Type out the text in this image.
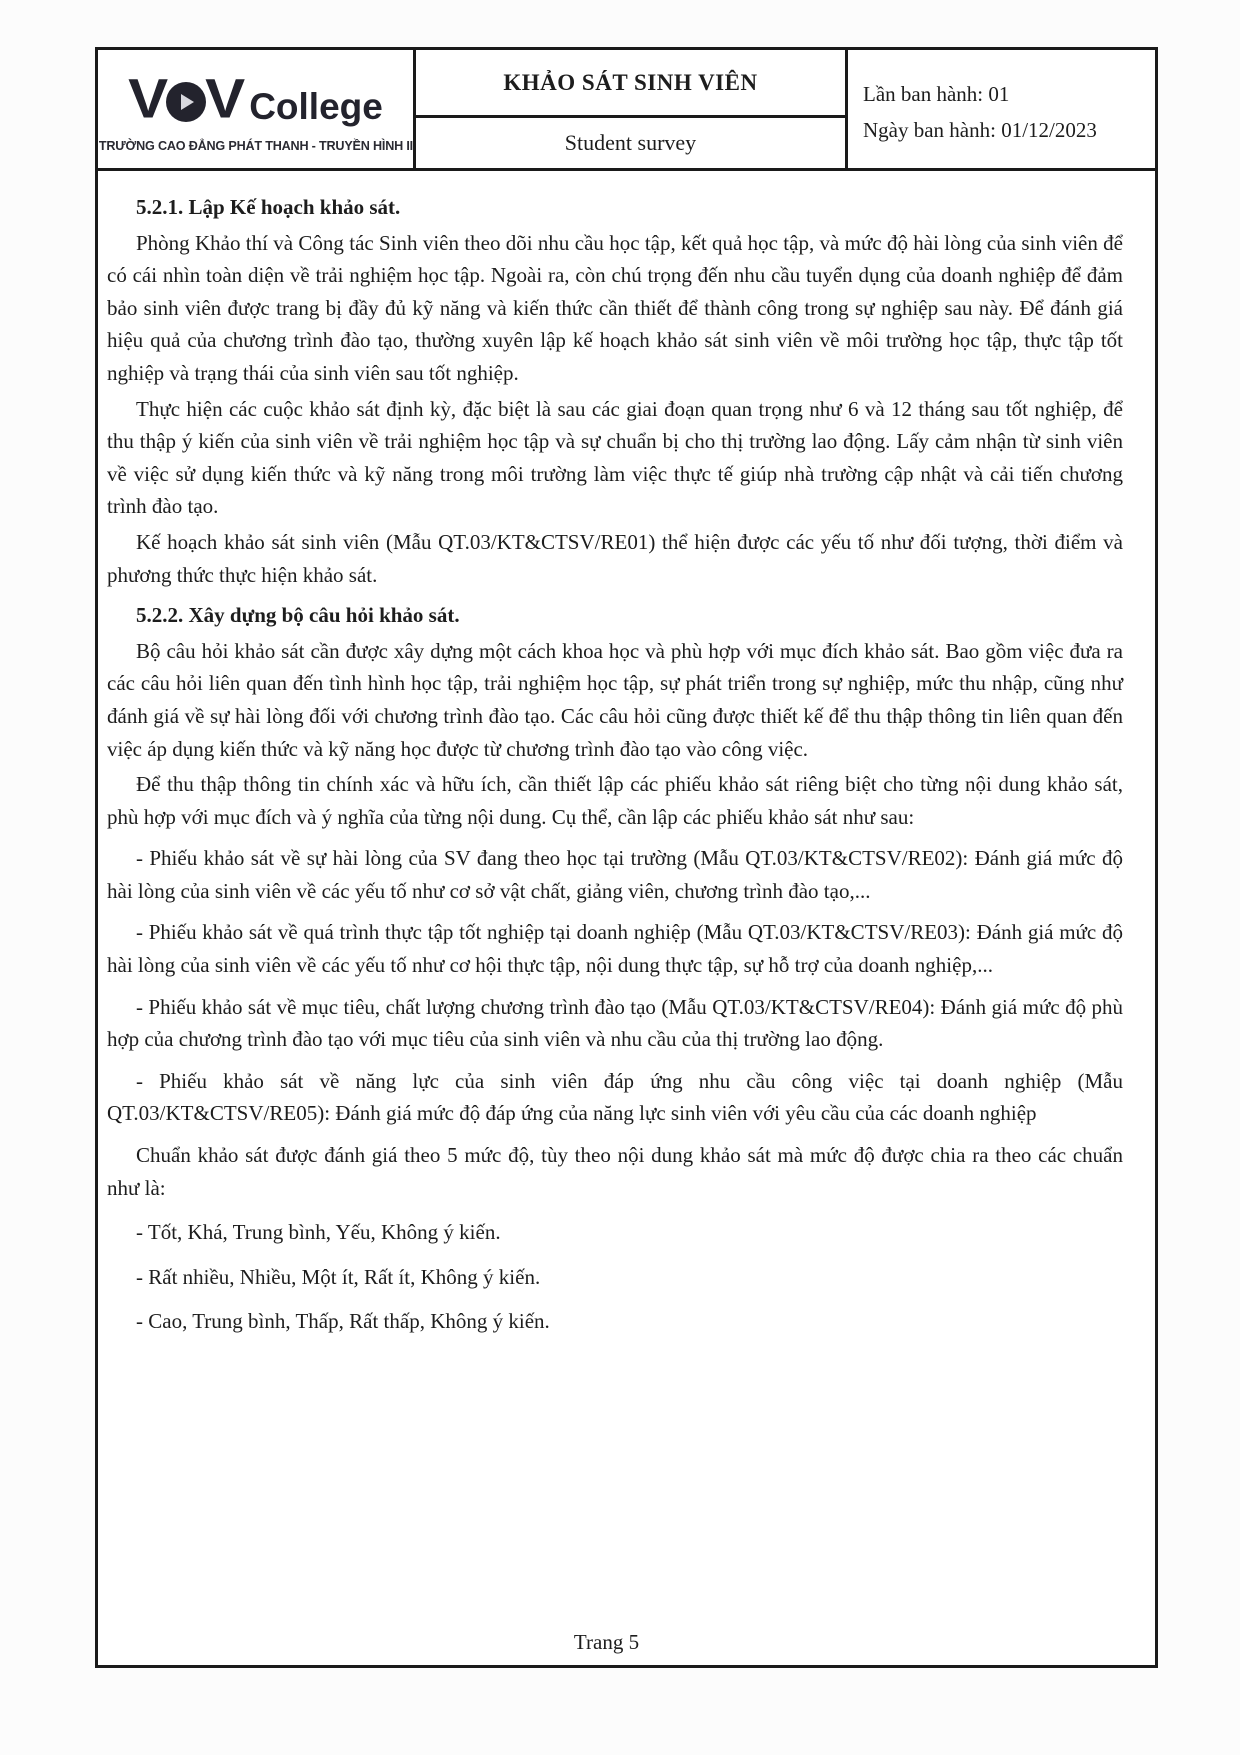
V V College
TRƯỜNG CAO ĐẲNG PHÁT THANH - TRUYỀN HÌNH II
KHẢO SÁT SINH VIÊN
Student survey
Lần ban hành: 01
Ngày ban hành: 01/12/2023
5.2.1. Lập Kế hoạch khảo sát.
Phòng Khảo thí và Công tác Sinh viên theo dõi nhu cầu học tập, kết quả học tập, và mức độ hài lòng của sinh viên để có cái nhìn toàn diện về trải nghiệm học tập. Ngoài ra, còn chú trọng đến nhu cầu tuyển dụng của doanh nghiệp để đảm bảo sinh viên được trang bị đầy đủ kỹ năng và kiến thức cần thiết để thành công trong sự nghiệp sau này. Để đánh giá hiệu quả của chương trình đào tạo, thường xuyên lập kế hoạch khảo sát sinh viên về môi trường học tập, thực tập tốt nghiệp và trạng thái của sinh viên sau tốt nghiệp.
Thực hiện các cuộc khảo sát định kỳ, đặc biệt là sau các giai đoạn quan trọng như 6 và 12 tháng sau tốt nghiệp, để thu thập ý kiến của sinh viên về trải nghiệm học tập và sự chuẩn bị cho thị trường lao động. Lấy cảm nhận từ sinh viên về việc sử dụng kiến thức và kỹ năng trong môi trường làm việc thực tế giúp nhà trường cập nhật và cải tiến chương trình đào tạo.
Kế hoạch khảo sát sinh viên (Mẫu QT.03/KT&CTSV/RE01) thể hiện được các yếu tố như đối tượng, thời điểm và phương thức thực hiện khảo sát.
5.2.2. Xây dựng bộ câu hỏi khảo sát.
Bộ câu hỏi khảo sát cần được xây dựng một cách khoa học và phù hợp với mục đích khảo sát. Bao gồm việc đưa ra các câu hỏi liên quan đến tình hình học tập, trải nghiệm học tập, sự phát triển trong sự nghiệp, mức thu nhập, cũng như đánh giá về sự hài lòng đối với chương trình đào tạo. Các câu hỏi cũng được thiết kế để thu thập thông tin liên quan đến việc áp dụng kiến thức và kỹ năng học được từ chương trình đào tạo vào công việc.
Để thu thập thông tin chính xác và hữu ích, cần thiết lập các phiếu khảo sát riêng biệt cho từng nội dung khảo sát, phù hợp với mục đích và ý nghĩa của từng nội dung. Cụ thể, cần lập các phiếu khảo sát như sau:
- Phiếu khảo sát về sự hài lòng của SV đang theo học tại trường (Mẫu QT.03/KT&CTSV/RE02): Đánh giá mức độ hài lòng của sinh viên về các yếu tố như cơ sở vật chất, giảng viên, chương trình đào tạo,...
- Phiếu khảo sát về quá trình thực tập tốt nghiệp tại doanh nghiệp (Mẫu QT.03/KT&CTSV/RE03): Đánh giá mức độ hài lòng của sinh viên về các yếu tố như cơ hội thực tập, nội dung thực tập, sự hỗ trợ của doanh nghiệp,...
- Phiếu khảo sát về mục tiêu, chất lượng chương trình đào tạo (Mẫu QT.03/KT&CTSV/RE04): Đánh giá mức độ phù hợp của chương trình đào tạo với mục tiêu của sinh viên và nhu cầu của thị trường lao động.
- Phiếu khảo sát về năng lực của sinh viên đáp ứng nhu cầu công việc tại doanh nghiệp (Mẫu QT.03/KT&CTSV/RE05): Đánh giá mức độ đáp ứng của năng lực sinh viên với yêu cầu của các doanh nghiệp
Chuẩn khảo sát được đánh giá theo 5 mức độ, tùy theo nội dung khảo sát mà mức độ được chia ra theo các chuẩn như là:
- Tốt, Khá, Trung bình, Yếu, Không ý kiến.
- Rất nhiều, Nhiều, Một ít, Rất ít, Không ý kiến.
- Cao, Trung bình, Thấp, Rất thấp, Không ý kiến.
Trang 5
